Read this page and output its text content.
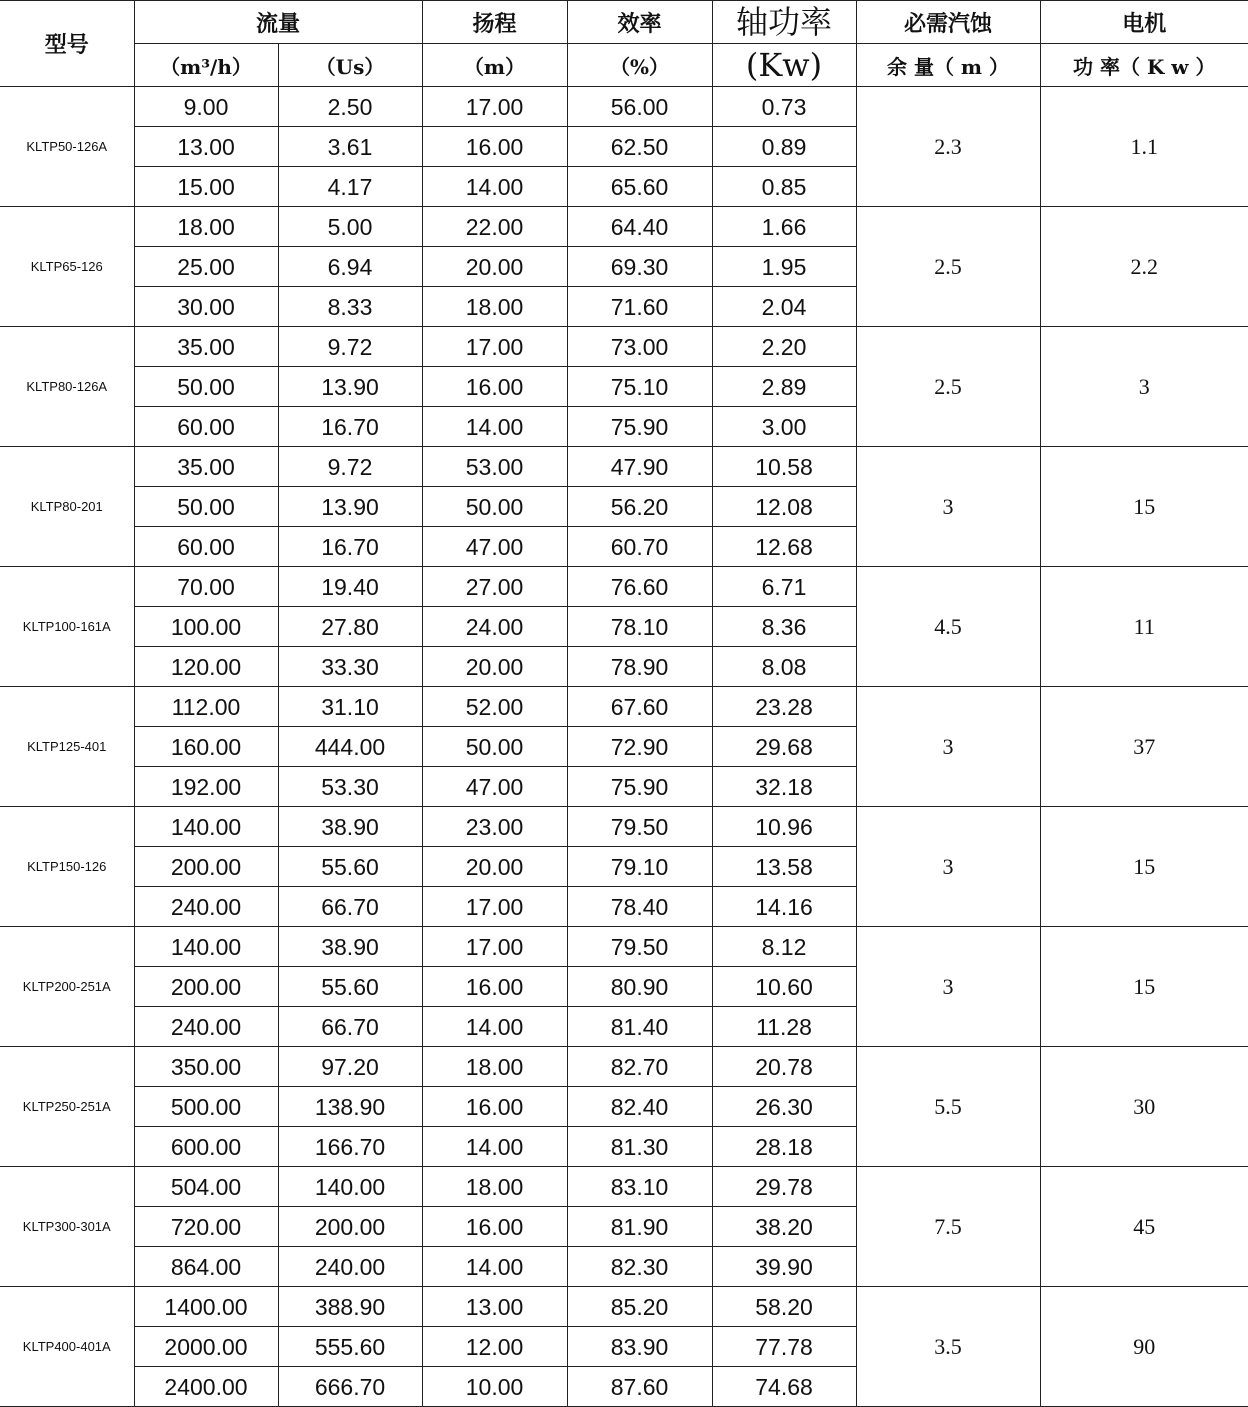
型号	流量		扬程	效率	轴功率	必需汽蚀	电机
	（m³/h）	（Us）	（m）	（%）	(Kw)	余 量（ m ）	功 率（ K w ）
KLTP50-126A	9.00	2.50	17.00	56.00	0.73	2.3	1.1
	13.00	3.61	16.00	62.50	0.89		
	15.00	4.17	14.00	65.60	0.85		
KLTP65-126	18.00	5.00	22.00	64.40	1.66	2.5	2.2
	25.00	6.94	20.00	69.30	1.95		
	30.00	8.33	18.00	71.60	2.04		
KLTP80-126A	35.00	9.72	17.00	73.00	2.20	2.5	3
	50.00	13.90	16.00	75.10	2.89		
	60.00	16.70	14.00	75.90	3.00		
KLTP80-201	35.00	9.72	53.00	47.90	10.58	3	15
	50.00	13.90	50.00	56.20	12.08		
	60.00	16.70	47.00	60.70	12.68		
KLTP100-161A	70.00	19.40	27.00	76.60	6.71	4.5	11
	100.00	27.80	24.00	78.10	8.36		
	120.00	33.30	20.00	78.90	8.08		
KLTP125-401	112.00	31.10	52.00	67.60	23.28	3	37
	160.00	444.00	50.00	72.90	29.68		
	192.00	53.30	47.00	75.90	32.18		
KLTP150-126	140.00	38.90	23.00	79.50	10.96	3	15
	200.00	55.60	20.00	79.10	13.58		
	240.00	66.70	17.00	78.40	14.16		
KLTP200-251A	140.00	38.90	17.00	79.50	8.12	3	15
	200.00	55.60	16.00	80.90	10.60		
	240.00	66.70	14.00	81.40	11.28		
KLTP250-251A	350.00	97.20	18.00	82.70	20.78	5.5	30
	500.00	138.90	16.00	82.40	26.30		
	600.00	166.70	14.00	81.30	28.18		
KLTP300-301A	504.00	140.00	18.00	83.10	29.78	7.5	45
	720.00	200.00	16.00	81.90	38.20		
	864.00	240.00	14.00	82.30	39.90		
KLTP400-401A	1400.00	388.90	13.00	85.20	58.20	3.5	90
	2000.00	555.60	12.00	83.90	77.78		
	2400.00	666.70	10.00	87.60	74.68		
